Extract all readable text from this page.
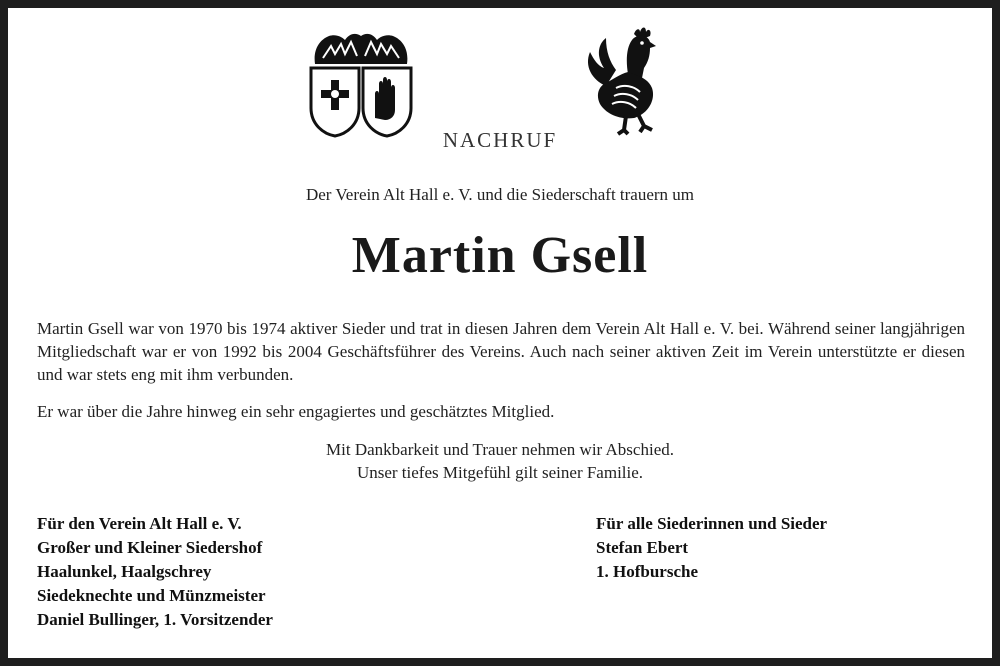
NACHRUF
Der Verein Alt Hall e. V. und die Siederschaft trauern um
Martin Gsell
Martin Gsell war von 1970 bis 1974 aktiver Sieder und trat in diesen Jahren dem Verein Alt Hall e. V. bei. Während seiner langjährigen Mitgliedschaft war er von 1992 bis 2004 Geschäftsführer des Vereins. Auch nach seiner aktiven Zeit im Verein unterstützte er diesen und war stets eng mit ihm verbunden.
Er war über die Jahre hinweg ein sehr engagiertes und geschätztes Mitglied.
Mit Dankbarkeit und Trauer nehmen wir Abschied.
Unser tiefes Mitgefühl gilt seiner Familie.
Für den Verein Alt Hall e. V.
Großer und Kleiner Siedershof
Haalunkel, Haalgschrey
Siedeknechte und Münzmeister
Daniel Bullinger, 1. Vorsitzender
Für alle Siederinnen und Sieder
Stefan Ebert
1. Hofbursche
